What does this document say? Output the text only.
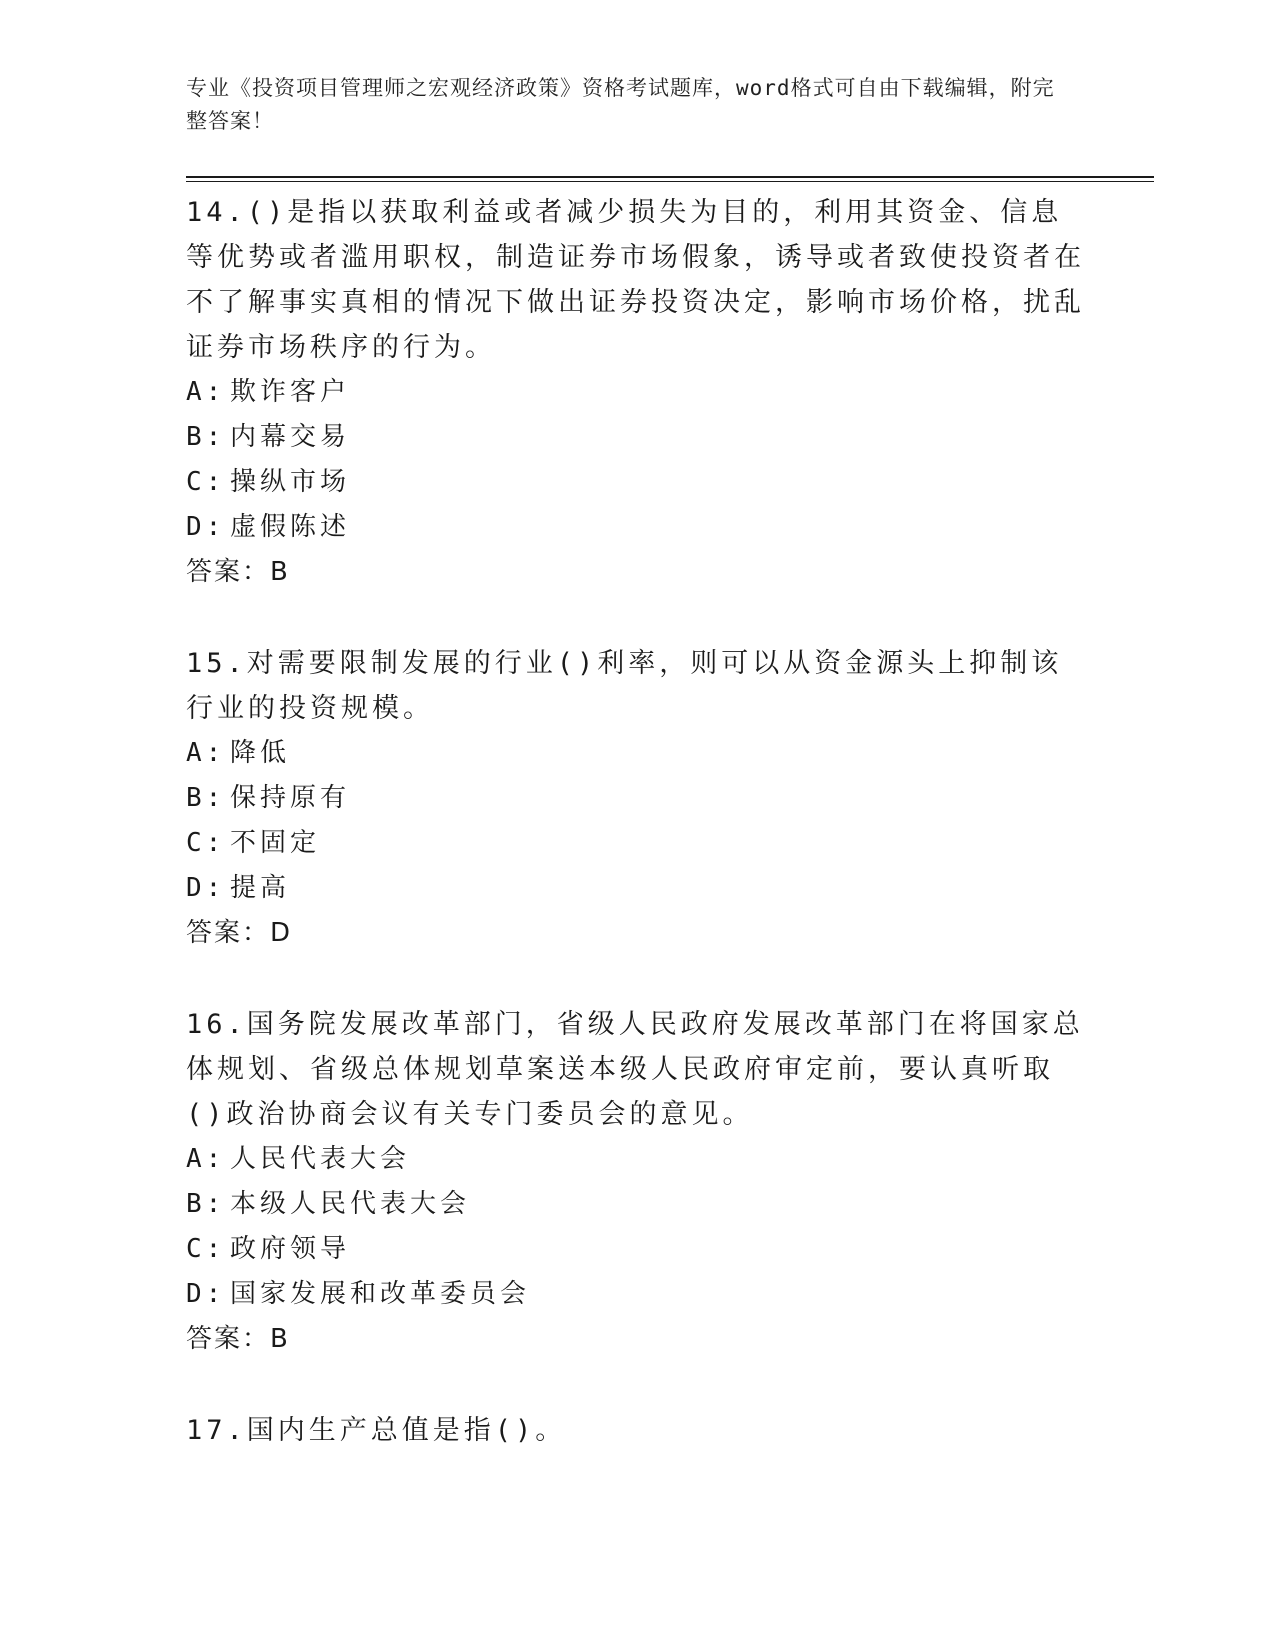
专业《投资项目管理师之宏观经济政策》资格考试题库，word格式可自由下载编辑，附完整答案！

14.()是指以获取利益或者减少损失为目的，利用其资金、信息等优势或者滥用职权，制造证券市场假象，诱导或者致使投资者在不了解事实真相的情况下做出证券投资决定，影响市场价格，扰乱证券市场秩序的行为。

A: 欺诈客户

B: 内幕交易

C: 操纵市场

D: 虚假陈述

答案：B

15.对需要限制发展的行业()利率，则可以从资金源头上抑制该行业的投资规模。

A: 降低

B: 保持原有

C: 不固定

D: 提高

答案：D

16.国务院发展改革部门，省级人民政府发展改革部门在将国家总体规划、省级总体规划草案送本级人民政府审定前，要认真听取()政治协商会议有关专门委员会的意见。

A: 人民代表大会

B: 本级人民代表大会

C: 政府领导

D: 国家发展和改革委员会

答案：B

17.国内生产总值是指()。
